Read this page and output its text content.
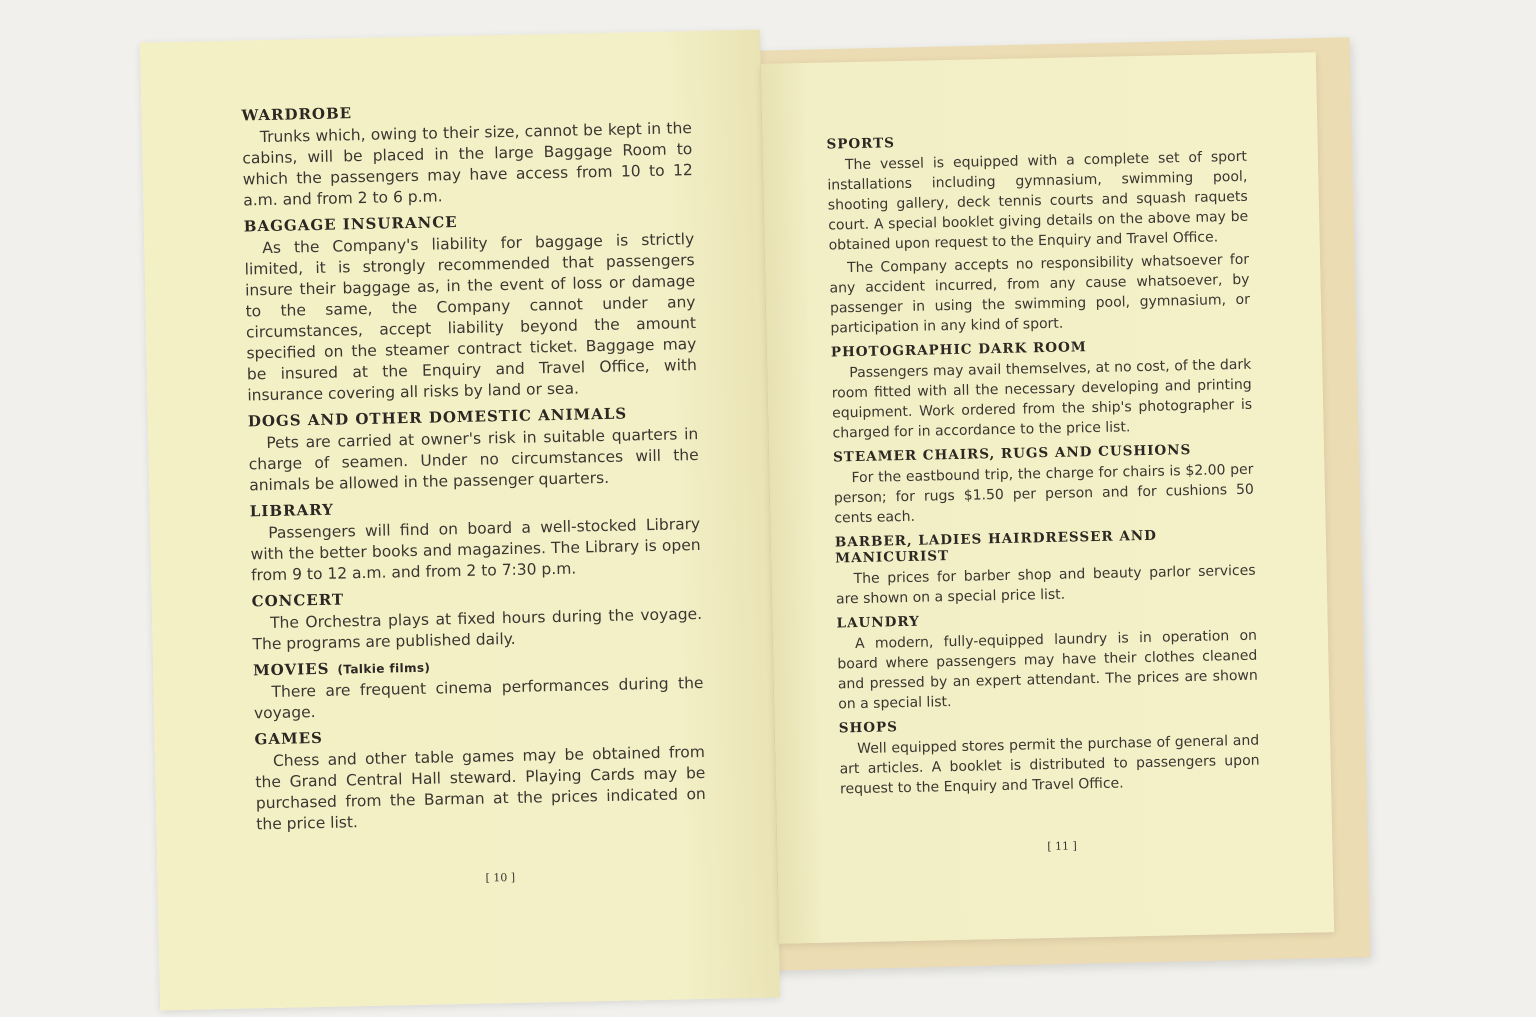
WARDROBE

Trunks which, owing to their size, cannot be kept in the cabins, will be placed in the large Baggage Room to which the passengers may have access from 10 to 12 a.m. and from 2 to 6 p.m.

BAGGAGE INSURANCE

As the Company's liability for baggage is strictly limited, it is strongly recommended that passengers insure their baggage as, in the event of loss or damage to the same, the Company cannot under any circumstances, accept liability beyond the amount specified on the steamer contract ticket. Baggage may be insured at the Enquiry and Travel Office, with insurance covering all risks by land or sea.

DOGS AND OTHER DOMESTIC ANIMALS

Pets are carried at owner's risk in suitable quarters in charge of seamen. Under no circumstances will the animals be allowed in the passenger quarters.

LIBRARY

Passengers will find on board a well-stocked Library with the better books and magazines. The Library is open from 9 to 12 a.m. and from 2 to 7:30 p.m.

CONCERT

The Orchestra plays at fixed hours during the voyage. The programs are published daily.

MOVIES (Talkie films)

There are frequent cinema performances during the voyage.

GAMES

Chess and other table games may be obtained from the Grand Central Hall steward. Playing Cards may be purchased from the Barman at the prices indicated on the price list.

[ 10 ]
SPORTS

The vessel is equipped with a complete set of sport installations including gymnasium, swimming pool, shooting gallery, deck tennis courts and squash raquets court. A special booklet giving details on the above may be obtained upon request to the Enquiry and Travel Office.

The Company accepts no responsibility whatsoever for any accident incurred, from any cause whatsoever, by passenger in using the swimming pool, gymnasium, or participation in any kind of sport.

PHOTOGRAPHIC DARK ROOM

Passengers may avail themselves, at no cost, of the dark room fitted with all the necessary developing and printing equipment. Work ordered from the ship's photographer is charged for in accordance to the price list.

STEAMER CHAIRS, RUGS AND CUSHIONS

For the eastbound trip, the charge for chairs is $2.00 per person; for rugs $1.50 per person and for cushions 50 cents each.

BARBER, LADIES HAIRDRESSER AND MANICURIST

The prices for barber shop and beauty parlor services are shown on a special price list.

LAUNDRY

A modern, fully-equipped laundry is in operation on board where passengers may have their clothes cleaned and pressed by an expert attendant. The prices are shown on a special list.

SHOPS

Well equipped stores permit the purchase of general and art articles. A booklet is distributed to passengers upon request to the Enquiry and Travel Office.

[ 11 ]
